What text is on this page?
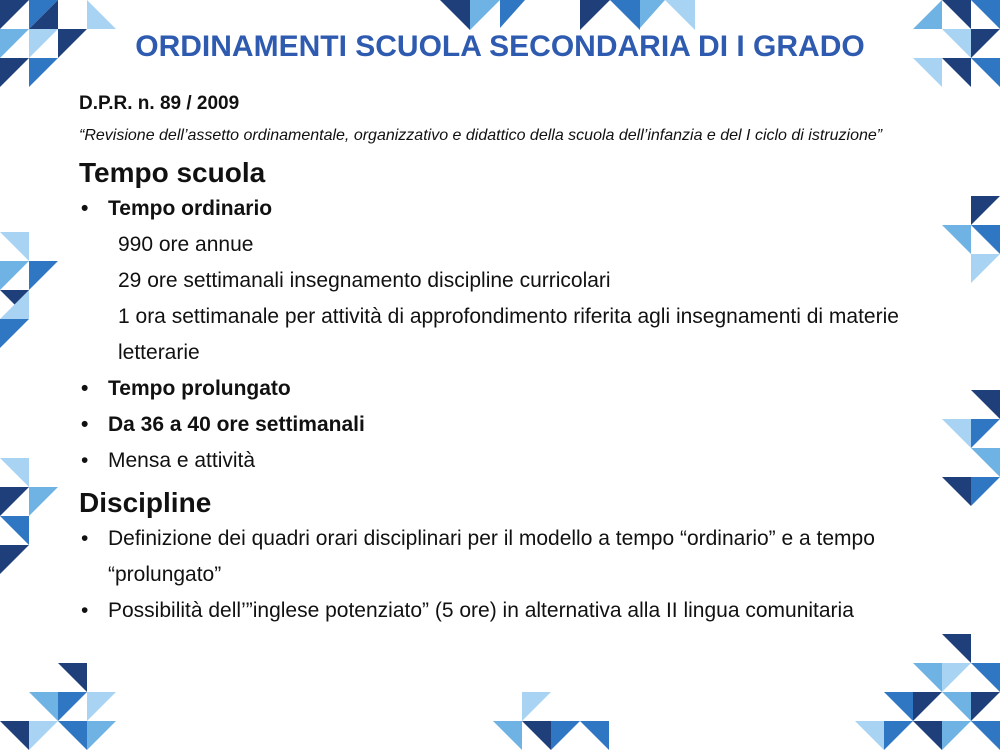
ORDINAMENTI SCUOLA SECONDARIA DI I GRADO

D.P.R. n. 89 / 2009

“Revisione dell’assetto ordinamentale, organizzativo e didattico della scuola dell’infanzia e del I ciclo di istruzione”

Tempo scuola
• Tempo ordinario
990 ore annue
29 ore settimanali insegnamento discipline curricolari
1 ora settimanale per attività di approfondimento riferita agli insegnamenti di materie letterarie
• Tempo prolungato
• Da 36 a 40 ore settimanali
• Mensa e attività
Discipline
• Definizione dei quadri orari disciplinari per il modello a tempo “ordinario” e a tempo “prolungato”
• Possibilità dell’”inglese potenziato” (5 ore) in alternativa alla II lingua comunitaria
